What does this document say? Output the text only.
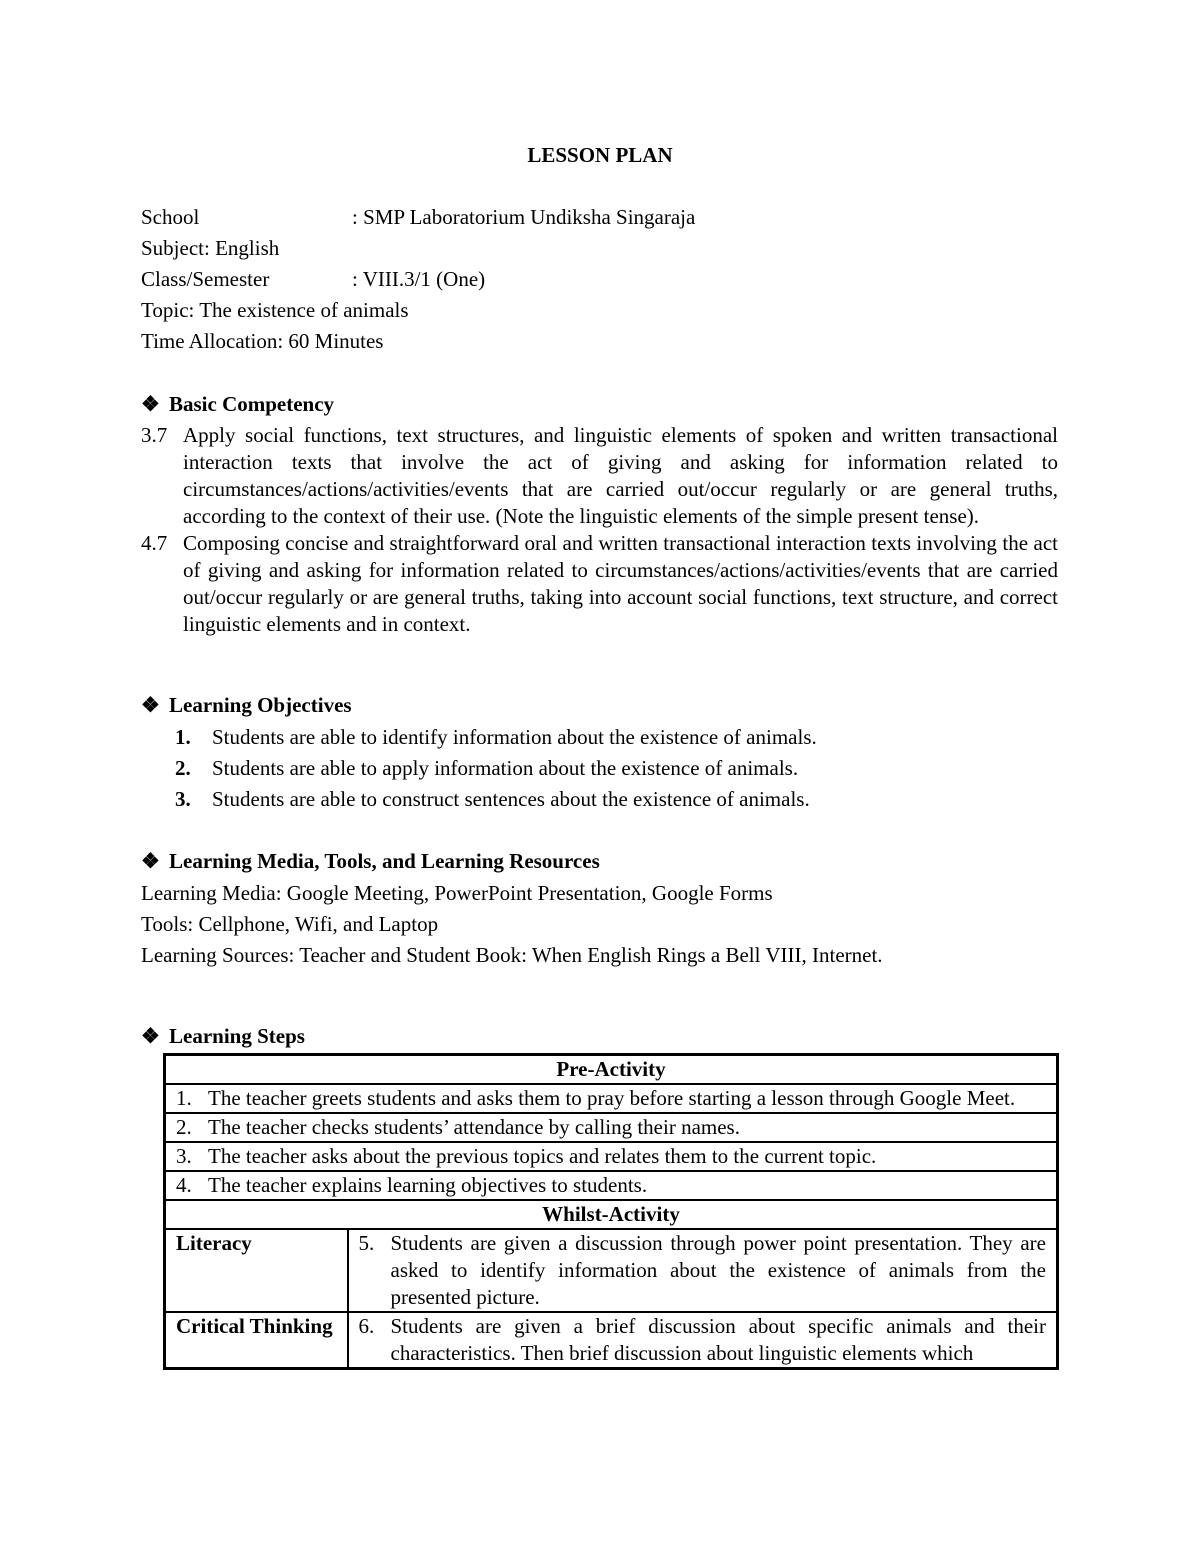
LESSON PLAN
School	: SMP Laboratorium Undiksha Singaraja
Subject: English
Class/Semester	: VIII.3/1 (One)
Topic: The existence of animals
Time Allocation: 60 Minutes
❖ Basic Competency
3.7 Apply social functions, text structures, and linguistic elements of spoken and written transactional interaction texts that involve the act of giving and asking for information related to circumstances/actions/activities/events that are carried out/occur regularly or are general truths, according to the context of their use. (Note the linguistic elements of the simple present tense).
4.7 Composing concise and straightforward oral and written transactional interaction texts involving the act of giving and asking for information related to circumstances/actions/activities/events that are carried out/occur regularly or are general truths, taking into account social functions, text structure, and correct linguistic elements and in context.
❖ Learning Objectives
1. Students are able to identify information about the existence of animals.
2. Students are able to apply information about the existence of animals.
3. Students are able to construct sentences about the existence of animals.
❖ Learning Media, Tools, and Learning Resources
Learning Media: Google Meeting, PowerPoint Presentation, Google Forms
Tools: Cellphone, Wifi, and Laptop
Learning Sources: Teacher and Student Book: When English Rings a Bell VIII, Internet.
❖ Learning Steps
Pre-Activity	

1. The teacher greets students and asks them to pray before starting a lesson through Google Meet.	

2. The teacher checks students’ attendance by calling their names.	

3. The teacher asks about the previous topics and relates them to the current topic.	

4. The teacher explains learning objectives to students.	

Whilst-Activity	
Literacy	5. Students are given a discussion through power point presentation. They are asked to identify information about the existence of animals from the presented picture.

Critical Thinking	6. Students are given a brief discussion about specific animals and their characteristics. Then brief discussion about linguistic elements which
